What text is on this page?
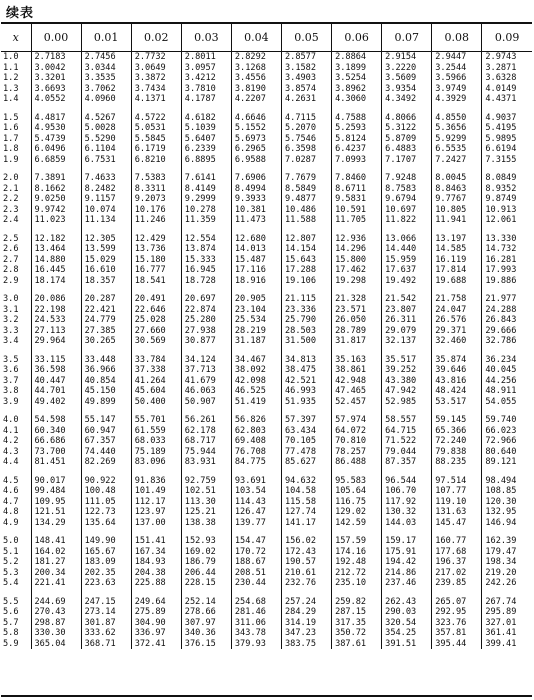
续表
x	0.00	0.01	0.02	0.03	0.04	0.05	0.06	0.07	0.08	0.09
1.0	2.7183	2.7456	2.7732	2.8011	2.8292	2.8577	2.8864	2.9154	2.9447	2.9743
1.1	3.0042	3.0344	3.0649	3.0957	3.1268	3.1582	3.1899	3.2220	3.2544	3.2871
1.2	3.3201	3.3535	3.3872	3.4212	3.4556	3.4903	3.5254	3.5609	3.5966	3.6328
1.3	3.6693	3.7062	3.7434	3.7810	3.8190	3.8574	3.8962	3.9354	3.9749	4.0149
1.4	4.0552	4.0960	4.1371	4.1787	4.2207	4.2631	4.3060	4.3492	4.3929	4.4371

1.5	4.4817	4.5267	4.5722	4.6182	4.6646	4.7115	4.7588	4.8066	4.8550	4.9037
1.6	4.9530	5.0028	5.0531	5.1039	5.1552	5.2070	5.2593	5.3122	5.3656	5.4195
1.7	5.4739	5.5290	5.5845	5.6407	5.6973	5.7546	5.8124	5.8709	5.9299	5.9895
1.8	6.0496	6.1104	6.1719	6.2339	6.2965	6.3598	6.4237	6.4883	6.5535	6.6194
1.9	6.6859	6.7531	6.8210	6.8895	6.9588	7.0287	7.0993	7.1707	7.2427	7.3155

2.0	7.3891	7.4633	7.5383	7.6141	7.6906	7.7679	7.8460	7.9248	8.0045	8.0849
2.1	8.1662	8.2482	8.3311	8.4149	8.4994	8.5849	8.6711	8.7583	8.8463	8.9352
2.2	9.0250	9.1157	9.2073	9.2999	9.3933	9.4877	9.5831	9.6794	9.7767	9.8749
2.3	9.9742	10.074	10.176	10.278	10.381	10.486	10.591	10.697	10.805	10.913
2.4	11.023	11.134	11.246	11.359	11.473	11.588	11.705	11.822	11.941	12.061

2.5	12.182	12.305	12.429	12.554	12.680	12.807	12.936	13.066	13.197	13.330
2.6	13.464	13.599	13.736	13.874	14.013	14.154	14.296	14.440	14.585	14.732
2.7	14.880	15.029	15.180	15.333	15.487	15.643	15.800	15.959	16.119	16.281
2.8	16.445	16.610	16.777	16.945	17.116	17.288	17.462	17.637	17.814	17.993
2.9	18.174	18.357	18.541	18.728	18.916	19.106	19.298	19.492	19.688	19.886

3.0	20.086	20.287	20.491	20.697	20.905	21.115	21.328	21.542	21.758	21.977
3.1	22.198	22.421	22.646	22.874	23.104	23.336	23.571	23.807	24.047	24.288
3.2	24.533	24.779	25.028	25.280	25.534	25.790	26.050	26.311	26.576	26.843
3.3	27.113	27.385	27.660	27.938	28.219	28.503	28.789	29.079	29.371	29.666
3.4	29.964	30.265	30.569	30.877	31.187	31.500	31.817	32.137	32.460	32.786

3.5	33.115	33.448	33.784	34.124	34.467	34.813	35.163	35.517	35.874	36.234
3.6	36.598	36.966	37.338	37.713	38.092	38.475	38.861	39.252	39.646	40.045
3.7	40.447	40.854	41.264	41.679	42.098	42.521	42.948	43.380	43.816	44.256
3.8	44.701	45.150	45.604	46.063	46.525	46.993	47.465	47.942	48.424	48.911
3.9	49.402	49.899	50.400	50.907	51.419	51.935	52.457	52.985	53.517	54.055

4.0	54.598	55.147	55.701	56.261	56.826	57.397	57.974	58.557	59.145	59.740
4.1	60.340	60.947	61.559	62.178	62.803	63.434	64.072	64.715	65.366	66.023
4.2	66.686	67.357	68.033	68.717	69.408	70.105	70.810	71.522	72.240	72.966
4.3	73.700	74.440	75.189	75.944	76.708	77.478	78.257	79.044	79.838	80.640
4.4	81.451	82.269	83.096	83.931	84.775	85.627	86.488	87.357	88.235	89.121

4.5	90.017	90.922	91.836	92.759	93.691	94.632	95.583	96.544	97.514	98.494
4.6	99.484	100.48	101.49	102.51	103.54	104.58	105.64	106.70	107.77	108.85
4.7	109.95	111.05	112.17	113.30	114.43	115.58	116.75	117.92	119.10	120.30
4.8	121.51	122.73	123.97	125.21	126.47	127.74	129.02	130.32	131.63	132.95
4.9	134.29	135.64	137.00	138.38	139.77	141.17	142.59	144.03	145.47	146.94

5.0	148.41	149.90	151.41	152.93	154.47	156.02	157.59	159.17	160.77	162.39
5.1	164.02	165.67	167.34	169.02	170.72	172.43	174.16	175.91	177.68	179.47
5.2	181.27	183.09	184.93	186.79	188.67	190.57	192.48	194.42	196.37	198.34
5.3	200.34	202.35	204.38	206.44	208.51	210.61	212.72	214.86	217.02	219.20
5.4	221.41	223.63	225.88	228.15	230.44	232.76	235.10	237.46	239.85	242.26

5.5	244.69	247.15	249.64	252.14	254.68	257.24	259.82	262.43	265.07	267.74
5.6	270.43	273.14	275.89	278.66	281.46	284.29	287.15	290.03	292.95	295.89
5.7	298.87	301.87	304.90	307.97	311.06	314.19	317.35	320.54	323.76	327.01
5.8	330.30	333.62	336.97	340.36	343.78	347.23	350.72	354.25	357.81	361.41
5.9	365.04	368.71	372.41	376.15	379.93	383.75	387.61	391.51	395.44	399.41
